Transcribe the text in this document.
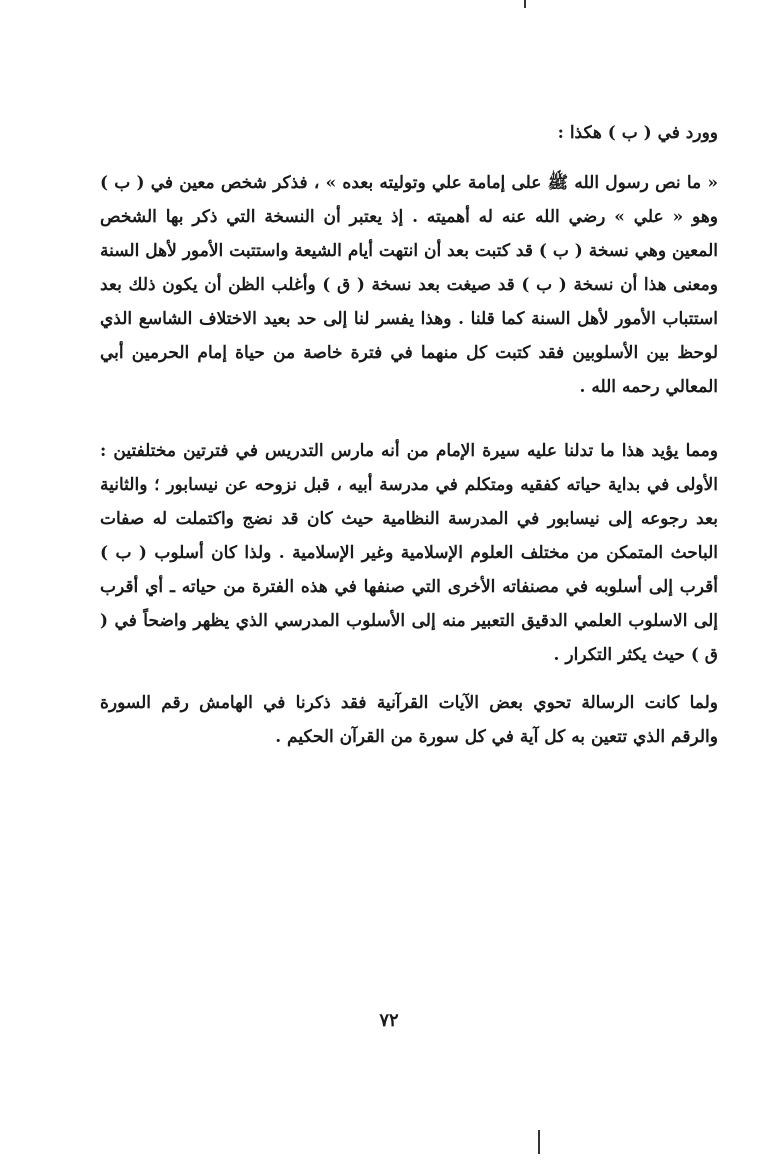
وورد في ( ب ) هكذا :
« ما نص رسول الله ﷺ على إمامة علي وتوليته بعده » ، فذكر شخص معين في ( ب ) وهو « علي » رضي الله عنه له أهميته . إذ يعتبر أن النسخة التي ذكر بها الشخص المعين وهي نسخة ( ب ) قد كتبت بعد أن انتهت أيام الشيعة واستتبت الأمور لأهل السنة ومعنى هذا أن نسخة ( ب ) قد صيغت بعد نسخة ( ق ) وأغلب الظن أن يكون ذلك بعد استتباب الأمور لأهل السنة كما قلنا . وهذا يفسر لنا إلى حد بعيد الاختلاف الشاسع الذي لوحظ بين الأسلوبين فقد كتبت كل منهما في فترة خاصة من حياة إمام الحرمين أبي المعالي رحمه الله .
ومما يؤيد هذا ما تدلنا عليه سيرة الإمام من أنه مارس التدريس في فترتين مختلفتين : الأولى في بداية حياته كفقيه ومتكلم في مدرسة أبيه ، قبل نزوحه عن نيسابور ؛ والثانية بعد رجوعه إلى نيسابور في المدرسة النظامية حيث كان قد نضج واكتملت له صفات الباحث المتمكن من مختلف العلوم الإسلامية وغير الإسلامية . ولذا كان أسلوب ( ب ) أقرب إلى أسلوبه في مصنفاته الأخرى التي صنفها في هذه الفترة من حياته ـ أي أقرب إلى الاسلوب العلمي الدقيق التعبير منه إلى الأسلوب المدرسي الذي يظهر واضحاً في ( ق ) حيث يكثر التكرار .
ولما كانت الرسالة تحوي بعض الآيات القرآنية فقد ذكرنا في الهامش رقم السورة والرقم الذي تتعين به كل آية في كل سورة من القرآن الحكيم .
٧٢
